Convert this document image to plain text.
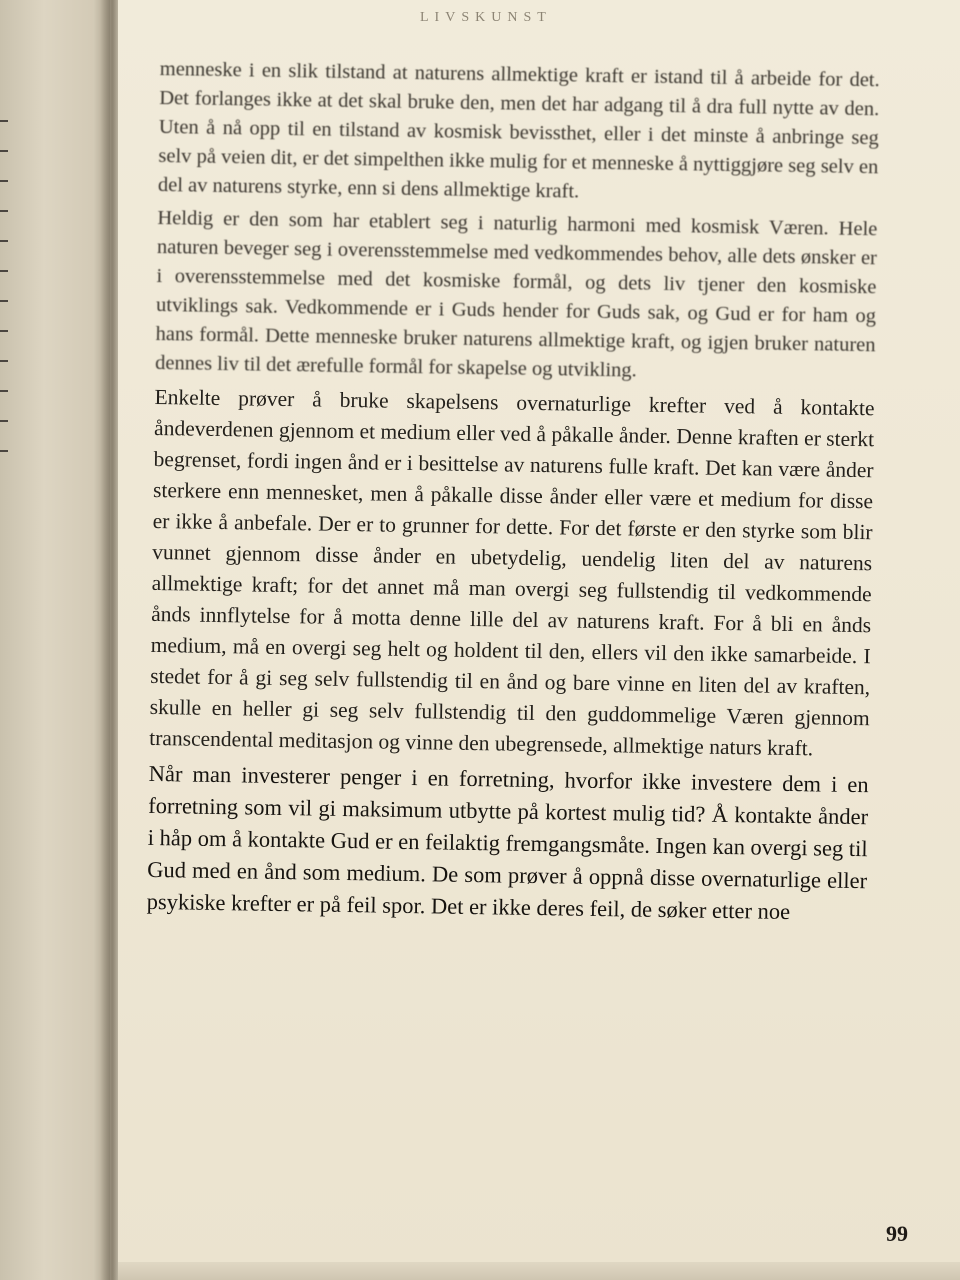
LIVSKUNST

menneske i en slik tilstand at naturens allmektige kraft er istand til å arbeide for det. Det forlanges ikke at det skal bruke den, men det har adgang til å dra full nytte av den. Uten å nå opp til en tilstand av kosmisk bevissthet, eller i det minste å anbringe seg selv på veien dit, er det simpelthen ikke mulig for et menneske å nyttiggjøre seg selv en del av naturens styrke, enn si dens allmektige kraft.

Heldig er den som har etablert seg i naturlig harmoni med kosmisk Væren. Hele naturen beveger seg i overensstemmelse med vedkommendes behov, alle dets ønsker er i overensstemmelse med det kosmiske formål, og dets liv tjener den kosmiske utviklings sak. Vedkommende er i Guds hender for Guds sak, og Gud er for ham og hans formål. Dette menneske bruker naturens allmektige kraft, og igjen bruker naturen dennes liv til det ærefulle formål for skapelse og utvikling.

Enkelte prøver å bruke skapelsens overnaturlige krefter ved å kontakte åndeverdenen gjennom et medium eller ved å påkalle ånder. Denne kraften er sterkt begrenset, fordi ingen ånd er i besittelse av naturens fulle kraft. Det kan være ånder sterkere enn mennesket, men å påkalle disse ånder eller være et medium for disse er ikke å anbefale. Der er to grunner for dette. For det første er den styrke som blir vunnet gjennom disse ånder en ubetydelig, uendelig liten del av naturens allmektige kraft; for det annet må man overgi seg fullstendig til vedkommende ånds innflytelse for å motta denne lille del av naturens kraft. For å bli en ånds medium, må en overgi seg helt og holdent til den, ellers vil den ikke samarbeide. I stedet for å gi seg selv fullstendig til en ånd og bare vinne en liten del av kraften, skulle en heller gi seg selv fullstendig til den guddommelige Væren gjennom transcendental meditasjon og vinne den ubegrensede, allmektige naturs kraft.

Når man investerer penger i en forretning, hvorfor ikke investere dem i en forretning som vil gi maksimum utbytte på kortest mulig tid? Å kontakte ånder i håp om å kontakte Gud er en feilaktig fremgangsmåte. Ingen kan overgi seg til Gud med en ånd som medium. De som prøver å oppnå disse overnaturlige eller psykiske krefter er på feil spor. Det er ikke deres feil, de søker etter noe

99
